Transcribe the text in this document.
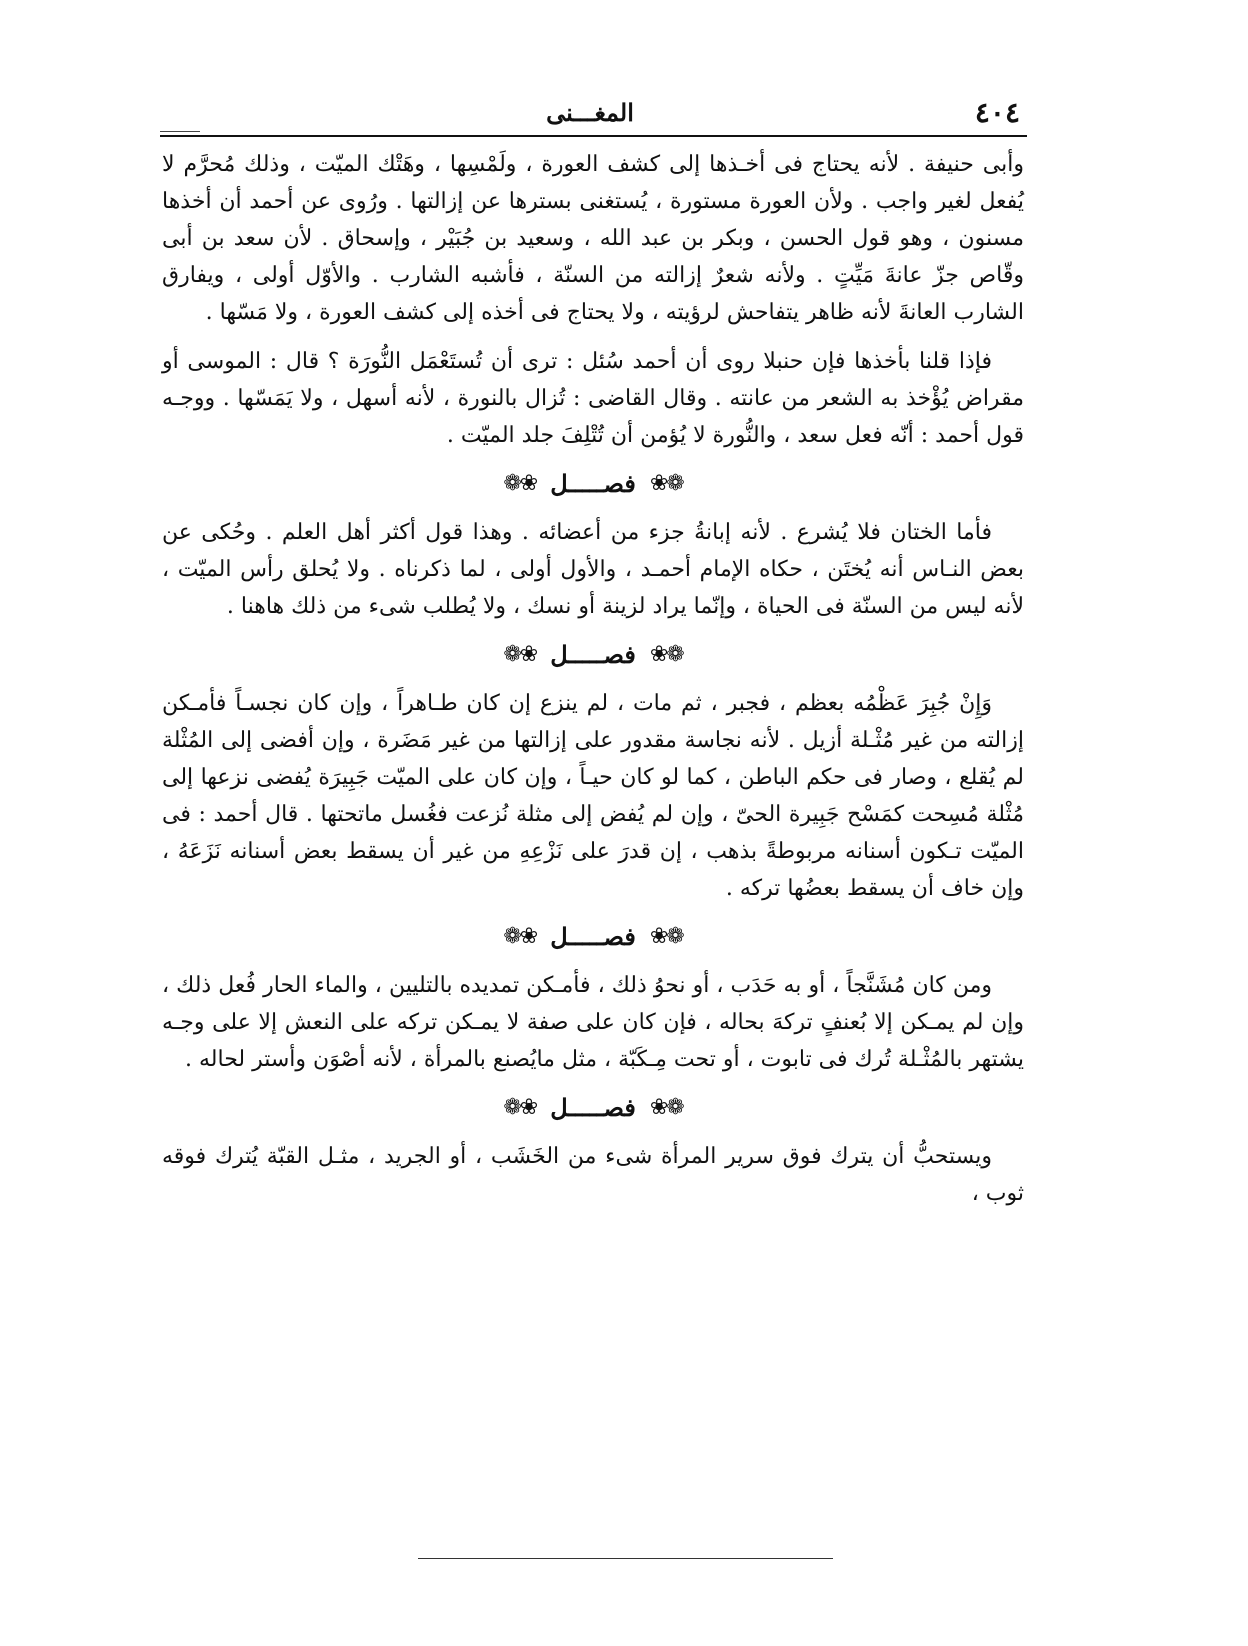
٤٠٤
المغـــنى

وأبى حنيفة . لأنه يحتاج فى أخـذها إلى كشف العورة ، ولَمْسِها ، وهَتْك الميّت ، وذلك مُحرَّم لا يُفعل لغير واجب . ولأن العورة مستورة ، يُستغنى بسترها عن إزالتها . ورُوى عن أحمد أن أخذها مسنون ، وهو قول الحسن ، وبكر بن عبد الله ، وسعيد بن جُبَيْر ، وإسحاق . لأن سعد بن أبى وقّاص جزّ عانةَ مَيِّتٍ . ولأنه شعرٌ إزالته من السنّة ، فأشبه الشارب . والأوّل أولى ، ويفارق الشارب العانةَ لأنه ظاهر يتفاحش لرؤيته ، ولا يحتاج فى أخذه إلى كشف العورة ، ولا مَسّها .

فإذا قلنا بأخذها فإن حنبلا روى أن أحمد سُئل : ترى أن تُستَعْمَل النُّورَة ؟ قال : الموسى أو مقراض يُؤْخذ به الشعر من عانته . وقال القاضى : تُزال بالنورة ، لأنه أسهل ، ولا يَمَسّها . ووجـه قول أحمد : أنّه فعل سعد ، والنُّورة لا يُؤمن أن تُتْلِفَ جلد الميّت .

❁❀
فصـــــل
❀❁

فأما الختان فلا يُشرع . لأنه إبانةُ جزء من أعضائه . وهذا قول أكثر أهل العلم . وحُكى عن بعض النـاس أنه يُختَن ، حكاه الإمام أحمـد ، والأول أولى ، لما ذكرناه . ولا يُحلق رأس الميّت ، لأنه ليس من السنّة فى الحياة ، وإنّما يراد لزينة أو نسك ، ولا يُطلب شىء من ذلك هاهنا .

❁❀
فصـــــل
❀❁

وَإِنْ جُبِرَ عَظْمُه بعظم ، فجبر ، ثم مات ، لم ينزع إن كان طـاهراً ، وإن كان نجسـاً فأمـكن إزالته من غير مُثْـلة أزيل . لأنه نجاسة مقدور على إزالتها من غير مَضَرة ، وإن أفضى إلى المُثْلة لم يُقلع ، وصار فى حكم الباطن ، كما لو كان حيـاً ، وإن كان على الميّت جَبِيرَة يُفضى نزعها إلى مُثْلة مُسِحت كمَسْح جَبِيرة الحىّ ، وإن لم يُفض إلى مثلة نُزعت فغُسل ماتحتها . قال أحمد : فى الميّت تـكون أسنانه مربوطةً بذهب ، إن قدرَ على نَزْعِهِ من غير أن يسقط بعض أسنانه نَزَعَهُ ، وإن خاف أن يسقط بعضُها تركه .

❁❀
فصـــــل
❀❁

ومن كان مُشَنَّجاً ، أو به حَدَب ، أو نحوُ ذلك ، فأمـكن تمديده بالتليين ، والماء الحار فُعل ذلك ، وإن لم يمـكن إلا بُعنفٍ تركهَ بحاله ، فإن كان على صفة لا يمـكن تركه على النعش إلا على وجـه يشتهر بالمُثْـلة تُرك فى تابوت ، أو تحت مِـكَبّة ، مثل مايُصنع بالمرأة ، لأنه أصْوَن وأستر لحاله .

❁❀
فصـــــل
❀❁

ويستحبُّ أن يترك فوق سرير المرأة شىء من الخَشَب ، أو الجريد ، مثـل القبّة يُترك فوقه ثوب ،
